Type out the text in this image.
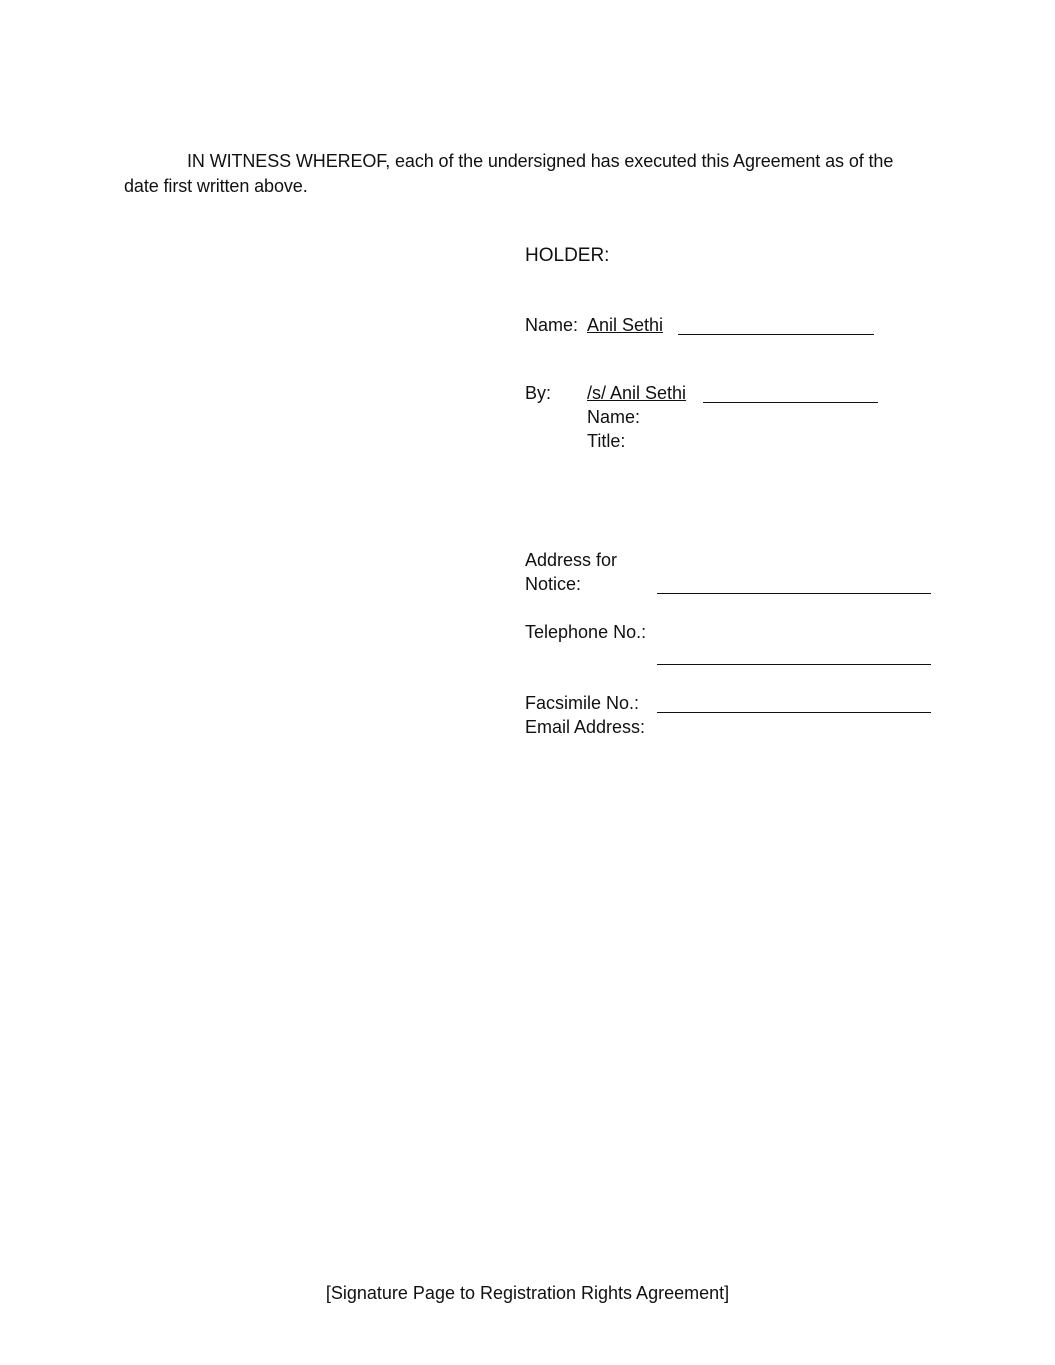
IN WITNESS WHEREOF, each of the undersigned has executed this Agreement as of the date first written above.
HOLDER:
Name: Anil Sethi
By: /s/ Anil Sethi
Name:
Title:
Address for Notice:
Telephone No.:
Facsimile No.:
Email Address:
[Signature Page to Registration Rights Agreement]
